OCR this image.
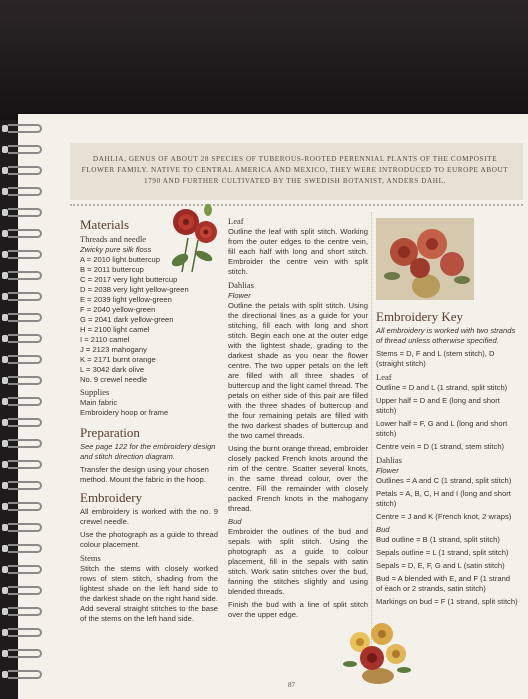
DAHLIA, GENUS OF ABOUT 28 SPECIES OF TUBEROUS-ROOTED PERENNIAL PLANTS OF THE COMPOSITE FLOWER FAMILY. NATIVE TO CENTRAL AMERICA AND MEXICO, THEY WERE INTRODUCED TO EUROPE ABOUT 1790 AND FURTHER CULTIVATED BY THE SWEDISH BOTANIST, ANDERS DAHL.
Materials
Threads and needle
Zwicky pure silk floss
A = 2010 light buttercup
B = 2011 buttercup
C = 2017 very light buttercup
D = 2038 very light yellow-green
E = 2039 light yellow-green
F = 2040 yellow-green
G = 2041 dark yellow-green
H = 2100 light camel
I = 2110 camel
J = 2123 mahogany
K = 2171 burnt orange
L = 3042 dark olive
No. 9 crewel needle
Supplies
Main fabric
Embroidery hoop or frame
Preparation

See page 122 for the embroidery design and stitch direction diagram.

Transfer the design using your chosen method. Mount the fabric in the hoop.

Embroidery

All embroidery is worked with the no. 9 crewel needle.

Use the photograph as a guide to thread colour placement.

Stems

Stitch the stems with closely worked rows of stem stitch, shading from the lightest shade on the left hand side to the darkest shade on the right hand side. Add several straight stitches to the base of the stems on the left hand side.

Leaf

Outline the leaf with split stitch. Working from the outer edges to the centre vein, fill each half with long and short stitch. Embroider the centre vein with split stitch.

Dahlias
Flower

Outline the petals with split stitch. Using the directional lines as a guide for your stitching, fill each with long and short stitch. Begin each one at the outer edge with the lightest shade, grading to the darkest shade as you near the flower centre. The two upper petals on the left are filled with all three shades of buttercup and the light camel thread. The petals on either side of this pair are filled with the three shades of buttercup and the four remaining petals are filled with the two darkest shades of buttercup and the two camel threads.

Using the burnt orange thread, embroider closely packed French knots around the rim of the centre. Scatter several knots, in the same thread colour, over the centre. Fill the remainder with closely packed French knots in the mahogany thread.

Bud

Embroider the outlines of the bud and sepals with split stitch. Using the photograph as a guide to colour placement, fill in the sepals with satin stitch. Work satin stitches over the bud, fanning the stitches slightly and using blended threads.

Finish the bud with a line of split stitch over the upper edge.

Embroidery Key

All embroidery is worked with two strands of thread unless otherwise specified.

Stems = D, F and L (stem stitch), D (straight stitch)

Leaf

Outline = D and L (1 strand, split stitch)

Upper half = D and E (long and short stitch)

Lower half = F, G and L (long and short stitch)

Centre vein = D (1 strand, stem stitch)

Dahlias
Flower

Outlines = A and C (1 strand, split stitch)

Petals = A, B, C, H and I (long and short stitch)

Centre = J and K (French knot, 2 wraps)

Bud

Bud outline = B (1 strand, split stitch)

Sepals outline = L (1 strand, split stitch)

Sepals = D, E, F, G and L (satin stitch)

Bud = A blended with E, and F (1 strand of each or 2 strands, satin stitch)

Markings on bud = F (1 strand, split stitch)

87
